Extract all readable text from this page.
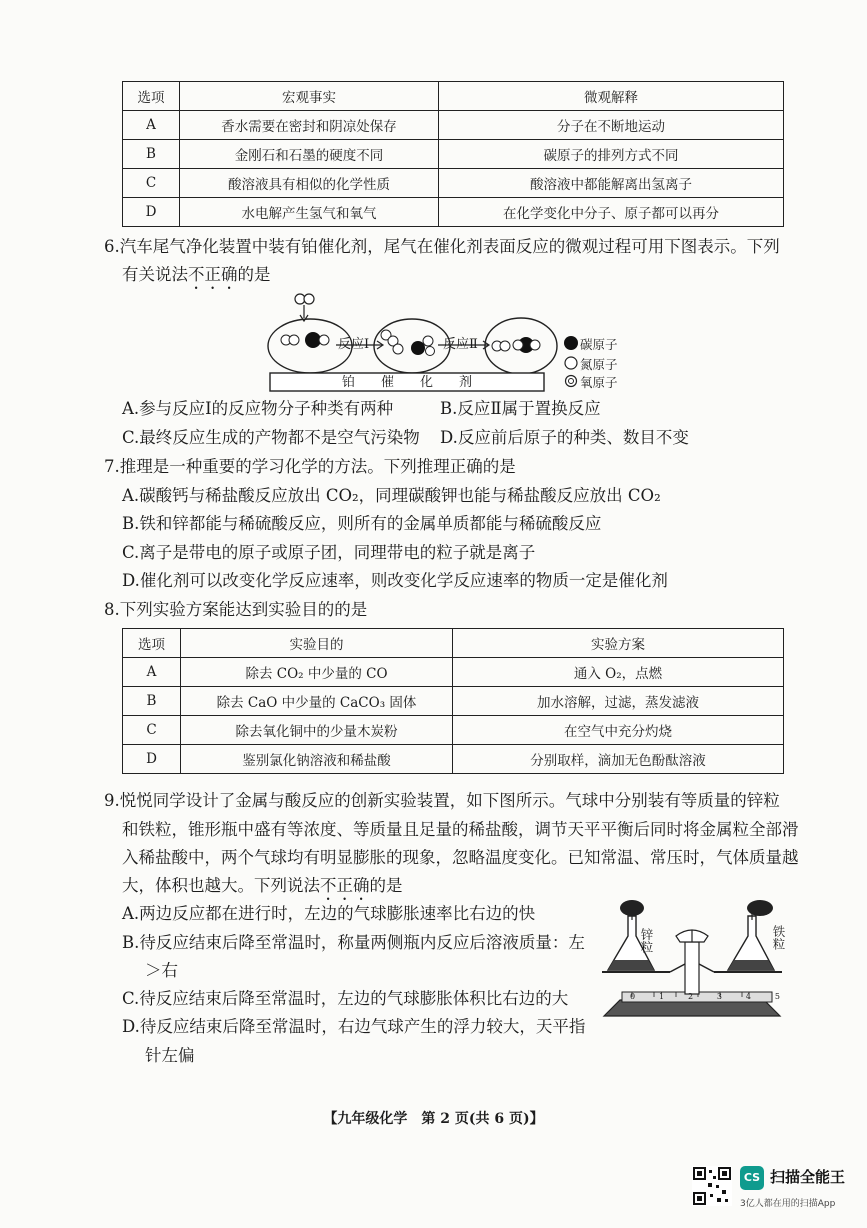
选项	宏观事实	微观解释
A	香水需要在密封和阴凉处保存	分子在不断地运动
B	金刚石和石墨的硬度不同	碳原子的排列方式不同
C	酸溶液具有相似的化学性质	酸溶液中都能解离出氢离子
D	水电解产生氢气和氧气	在化学变化中分子、原子都可以再分
6.汽车尾气净化装置中装有铂催化剂，尾气在催化剂表面反应的微观过程可用下图表示。下列
有关说法不正确的是
反应Ⅰ	反应Ⅱ
铂　　催　　化　　剂
碳原子
氮原子
氧原子
A.参与反应Ⅰ的反应物分子种类有两种	B.反应Ⅱ属于置换反应
C.最终反应生成的产物都不是空气污染物 D.反应前后原子的种类、数目不变
7.推理是一种重要的学习化学的方法。下列推理正确的是
A.碳酸钙与稀盐酸反应放出 CO₂，同理碳酸钾也能与稀盐酸反应放出 CO₂
B.铁和锌都能与稀硫酸反应，则所有的金属单质都能与稀硫酸反应
C.离子是带电的原子或原子团，同理带电的粒子就是离子
D.催化剂可以改变化学反应速率，则改变化学反应速率的物质一定是催化剂
8.下列实验方案能达到实验目的的是
选项	实验目的	实验方案
A	除去 CO₂ 中少量的 CO	通入 O₂，点燃
B	除去 CaO 中少量的 CaCO₃ 固体	加水溶解，过滤，蒸发滤液
C	除去氧化铜中的少量木炭粉	在空气中充分灼烧
D	鉴别氯化钠溶液和稀盐酸	分别取样，滴加无色酚酞溶液
9.悦悦同学设计了金属与酸反应的创新实验装置，如下图所示。气球中分别装有等质量的锌粒
和铁粒，锥形瓶中盛有等浓度、等质量且足量的稀盐酸，调节天平平衡后同时将金属粒全部滑
入稀盐酸中，两个气球均有明显膨胀的现象，忽略温度变化。已知常温、常压时，气体质量越
大，体积也越大。下列说法不正确的是
A.两边反应都在进行时，左边的气球膨胀速率比右边的快
B.待反应结束后降至常温时，称量两侧瓶内反应后溶液质量：左
＞右
C.待反应结束后降至常温时，左边的气球膨胀体积比右边的大
D.待反应结束后降至常温时，右边气球产生的浮力较大，天平指
针左偏
锌粒	铁粒
0	1	2	3	4	5
【九年级化学　第 2 页(共 6 页)】
CS 扫描全能王
3亿人都在用的扫描App
